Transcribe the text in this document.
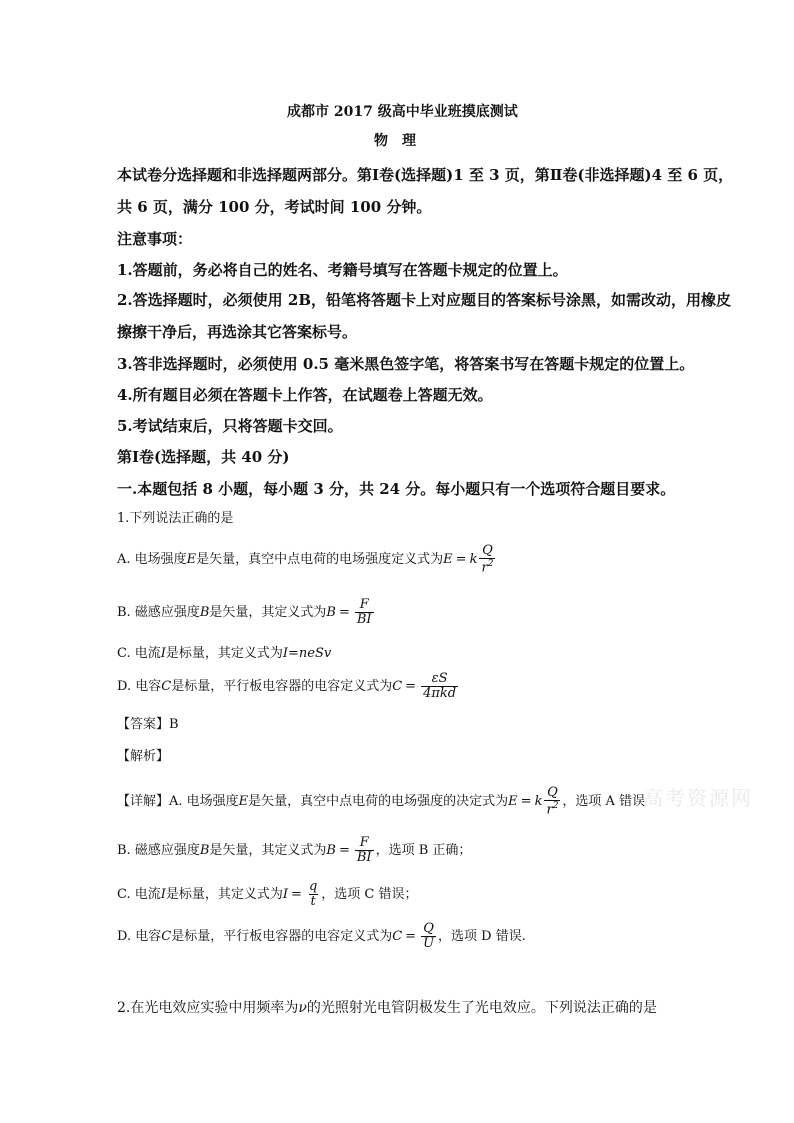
成都市 2017 级高中毕业班摸底测试
物理
本试卷分选择题和非选择题两部分。第Ⅰ卷(选择题)1 至 3 页，第Ⅱ卷(非选择题)4 至 6 页，
共 6 页，满分 100 分，考试时间 100 分钟。
注意事项：
1.答题前，务必将自己的姓名、考籍号填写在答题卡规定的位置上。
2.答选择题时，必须使用 2B，铅笔将答题卡上对应题目的答案标号涂黑，如需改动，用橡皮
擦擦干净后，再选涂其它答案标号。
3.答非选择题时，必须使用 0.5 毫米黑色签字笔，将答案书写在答题卡规定的位置上。
4.所有题目必须在答题卡上作答，在试题卷上答题无效。
5.考试结束后，只将答题卡交回。
第Ⅰ卷(选择题，共 40 分)
一.本题包括 8 小题，每小题 3 分，共 24 分。每小题只有一个选项符合题目要求。
1.下列说法正确的是
A. 电场强度 E 是矢量，真空中点电荷的电场强度定义式为 E = k $\frac{Q}{r^2}$
B. 磁感应强度 B 是矢量，其定义式为 $B = \frac{F}{BI}$
C. 电流 I 是标量，其定义式为 I=neSv
D. 电容 C 是标量，平行板电容器的电容定义式为 $C = \frac{\varepsilon S}{\text{4πkd}}$
【答案】B
【解析】
高考资源网
【详解】A. 电场强度 E 是矢量，真空中点电荷的电场强度的决定式为 E = k $\frac{Q}{r^2}$ ，选项 A 错误
B. 磁感应强度 B 是矢量，其定义式为 $B = \frac{F}{BI}$ ，选项 B 正确；
C. 电流 I 是标量，其定义式为 $I = \frac{q}{t}$ ，选项 C 错误；
D. 电容 C 是标量，平行板电容器的电容定义式为 $C = \frac{Q}{U}$ ，选项 D 错误.
2.在光电效应实验中用频率为ν的光照射光电管阴极发生了光电效应。下列说法正确的是
